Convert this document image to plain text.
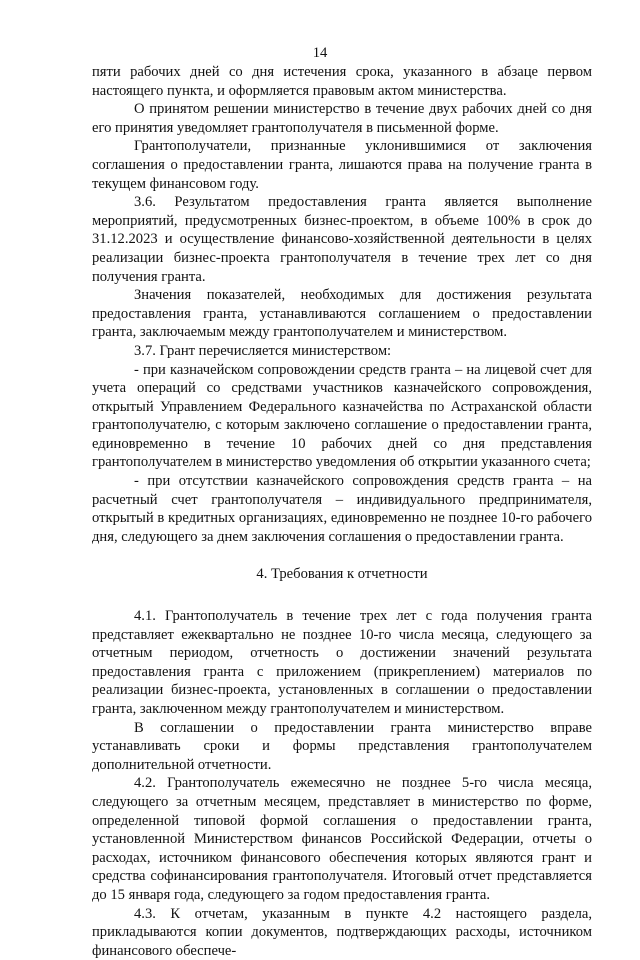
14

пяти рабочих дней со дня истечения срока, указанного в абзаце первом настоящего пункта, и оформляется правовым актом министерства.

О принятом решении министерство в течение двух рабочих дней со дня его принятия уведомляет грантополучателя в письменной форме.

Грантополучатели, признанные уклонившимися от заключения соглашения о предоставлении гранта, лишаются права на получение гранта в текущем финансовом году.

3.6. Результатом предоставления гранта является выполнение мероприятий, предусмотренных бизнес-проектом, в объеме 100% в срок до 31.12.2023 и осуществление финансово-хозяйственной деятельности в целях реализации бизнес-проекта грантополучателя в течение трех лет со дня получения гранта.

Значения показателей, необходимых для достижения результата предоставления гранта, устанавливаются соглашением о предоставлении гранта, заключаемым между грантополучателем и министерством.

3.7. Грант перечисляется министерством:

- при казначейском сопровождении средств гранта – на лицевой счет для учета операций со средствами участников казначейского сопровождения, открытый Управлением Федерального казначейства по Астраханской области грантополучателю, с которым заключено соглашение о предоставлении гранта, единовременно в течение 10 рабочих дней со дня представления грантополучателем в министерство уведомления об открытии указанного счета;

- при отсутствии казначейского сопровождения средств гранта – на расчетный счет грантополучателя – индивидуального предпринимателя, открытый в кредитных организациях, единовременно не позднее 10-го рабочего дня, следующего за днем заключения соглашения о предоставлении гранта.

4. Требования к отчетности

4.1. Грантополучатель в течение трех лет с года получения гранта представляет ежеквартально не позднее 10-го числа месяца, следующего за отчетным периодом, отчетность о достижении значений результата предоставления гранта с приложением (прикреплением) материалов по реализации бизнес-проекта, установленных в соглашении о предоставлении гранта, заключенном между грантополучателем и министерством.

В соглашении о предоставлении гранта министерство вправе устанавливать сроки и формы представления грантополучателем дополнительной отчетности.

4.2. Грантополучатель ежемесячно не позднее 5-го числа месяца, следующего за отчетным месяцем, представляет в министерство по форме, определенной типовой формой соглашения о предоставлении гранта, установленной Министерством финансов Российской Федерации, отчеты о расходах, источником финансового обеспечения которых являются грант и средства софинансирования грантополучателя. Итоговый отчет представляется до 15 января года, следующего за годом предоставления гранта.

4.3. К отчетам, указанным в пункте 4.2 настоящего раздела, прикладываются копии документов, подтверждающих расходы, источником финансового обеспече-
